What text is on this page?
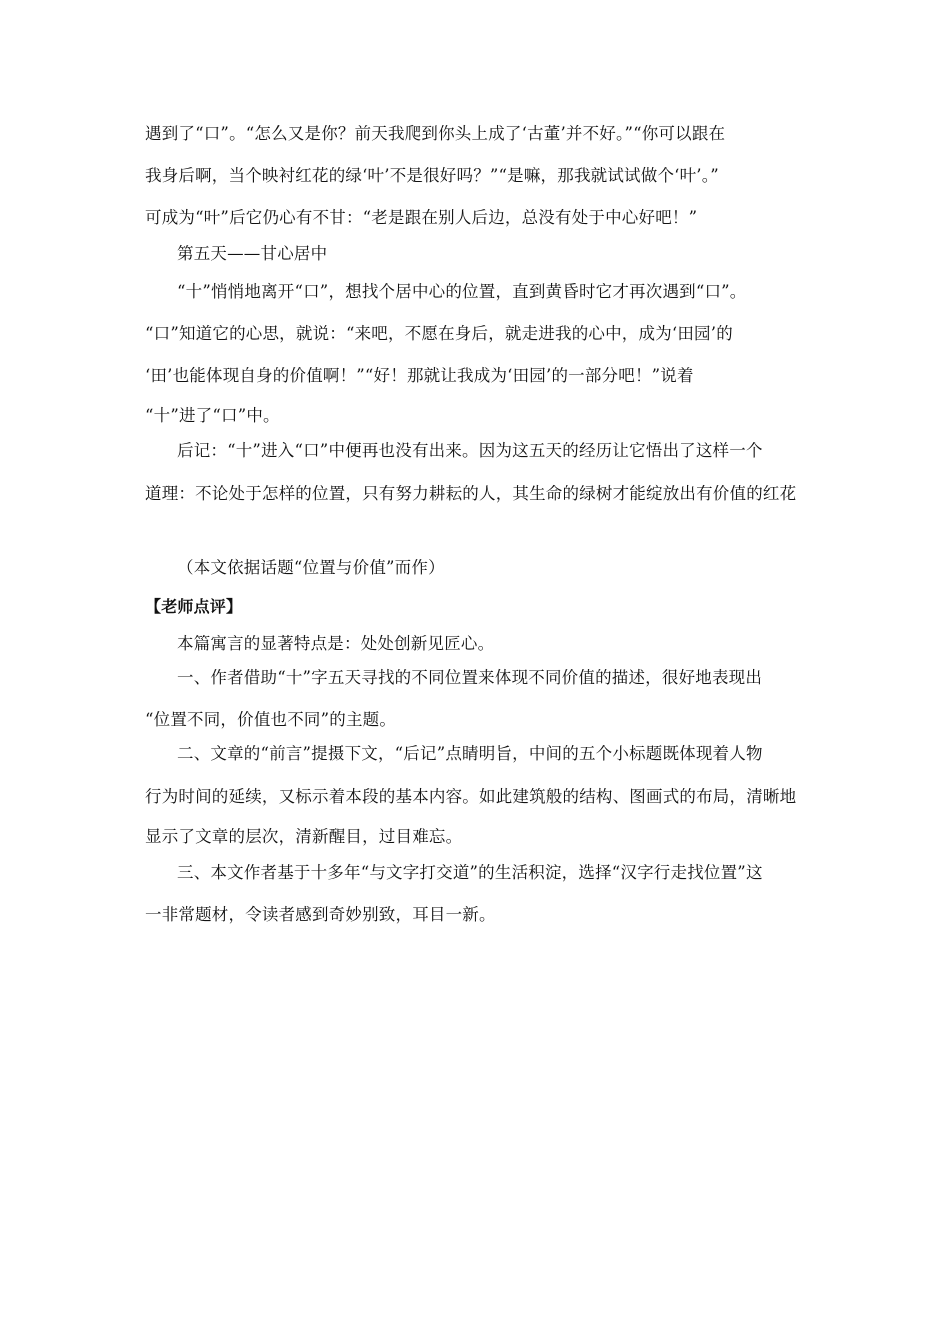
遇到了“口”。“怎么又是你？前天我爬到你头上成了‘古董’并不好。”“你可以跟在
我身后啊，当个映衬红花的绿‘叶’不是很好吗？”“是嘛，那我就试试做个‘叶’。”
可成为“叶”后它仍心有不甘：“老是跟在别人后边，总没有处于中心好吧！”
第五天——甘心居中
“十”悄悄地离开“口”，想找个居中心的位置，直到黄昏时它才再次遇到“口”。
“口”知道它的心思，就说：“来吧，不愿在身后，就走进我的心中，成为‘田园’的
‘田’也能体现自身的价值啊！”“好！那就让我成为‘田园’的一部分吧！”说着
“十”进了“口”中。
后记：“十”进入“口”中便再也没有出来。因为这五天的经历让它悟出了这样一个
道理：不论处于怎样的位置，只有努力耕耘的人，其生命的绿树才能绽放出有价值的红花
（本文依据话题“位置与价值”而作）
【老师点评】
本篇寓言的显著特点是：处处创新见匠心。
一、作者借助“十”字五天寻找的不同位置来体现不同价值的描述，很好地表现出
“位置不同，价值也不同”的主题。
二、文章的“前言”提摄下文，“后记”点睛明旨，中间的五个小标题既体现着人物
行为时间的延续，又标示着本段的基本内容。如此建筑般的结构、图画式的布局，清晰地
显示了文章的层次，清新醒目，过目难忘。
三、本文作者基于十多年“与文字打交道”的生活积淀，选择“汉字行走找位置”这
一非常题材，令读者感到奇妙别致，耳目一新。
